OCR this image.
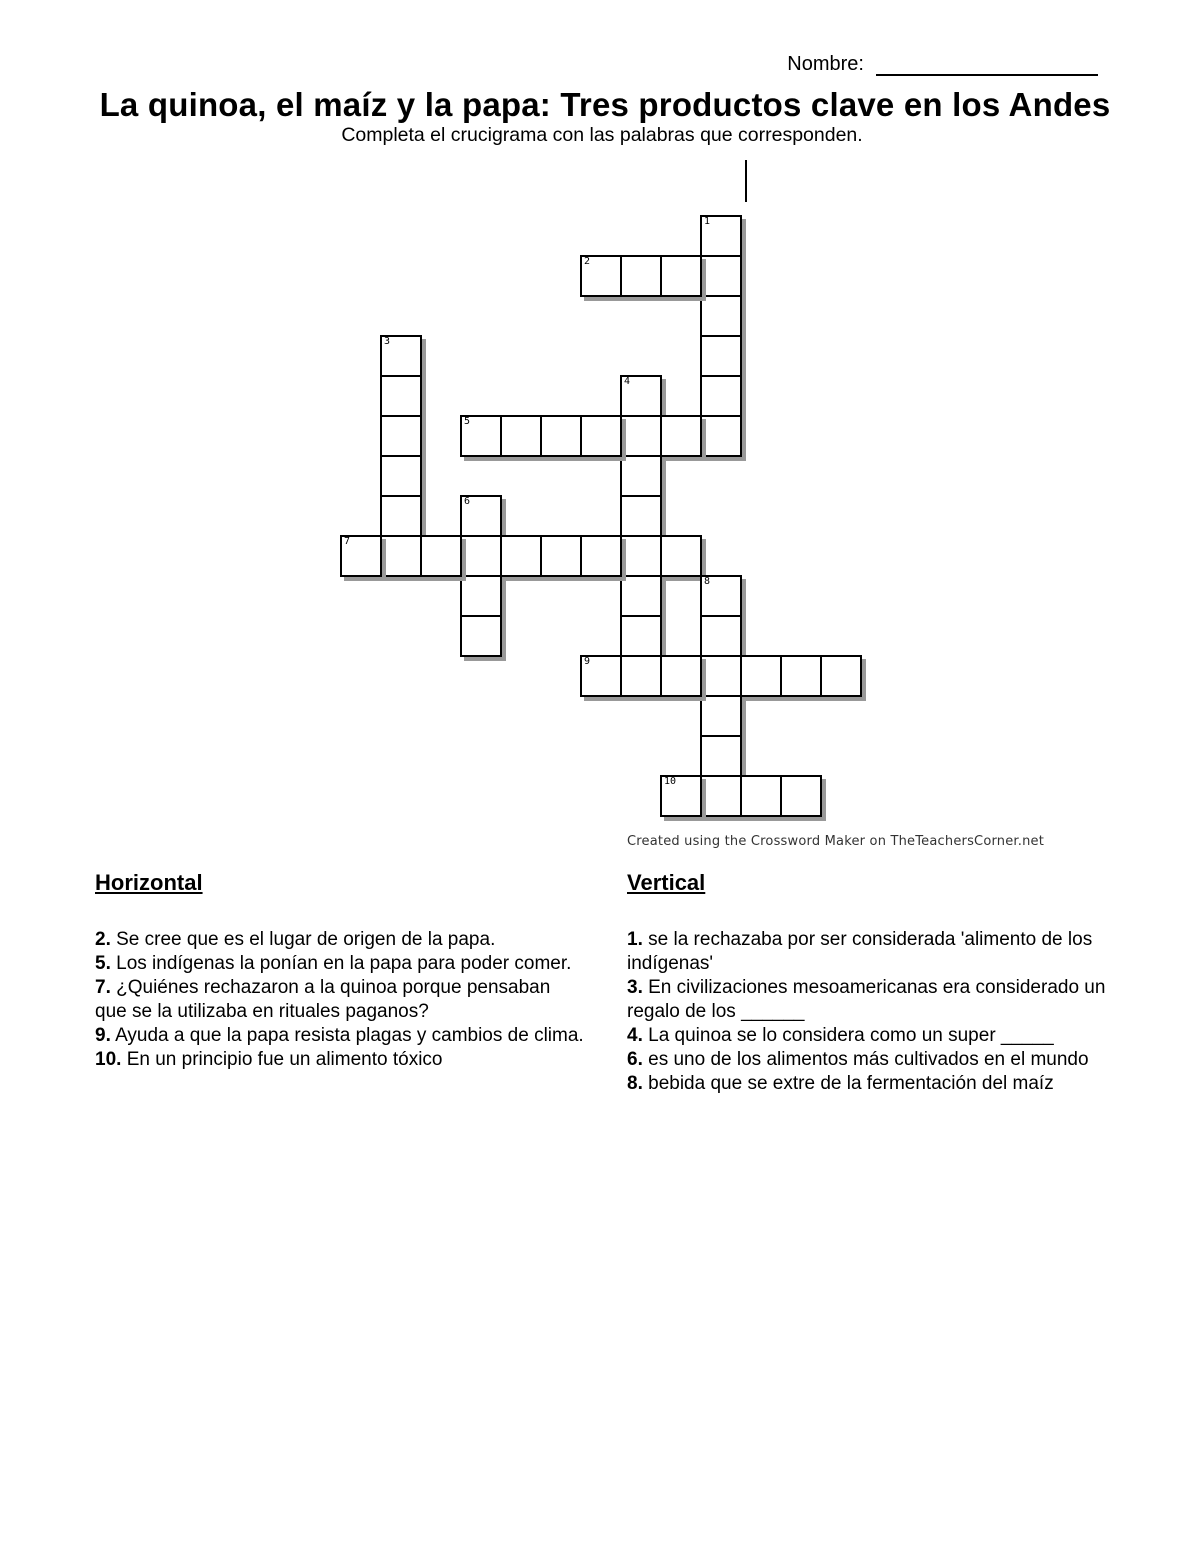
Nombre:
La quinoa, el maíz y la papa: Tres productos clave en los Andes
Completa el crucigrama con las palabras que corresponden.
1
2
3
4
5
6
7
8
9
10
Created using the Crossword Maker on TheTeachersCorner.net
Horizontal

2. Se cree que es el lugar de origen de la papa.

5. Los indígenas la ponían en la papa para poder comer.

7. ¿Quiénes rechazaron a la quinoa porque pensaban que se la utilizaba en rituales paganos?

9. Ayuda a que la papa resista plagas y cambios de clima.

10. En un principio fue un alimento tóxico

Vertical

1. se la rechazaba por ser considerada 'alimento de los indígenas'

3. En civilizaciones mesoamericanas era considerado un regalo de los ______

4. La quinoa se lo considera como un super _____

6. es uno de los alimentos más cultivados en el mundo

8. bebida que se extre de la fermentación del maíz
